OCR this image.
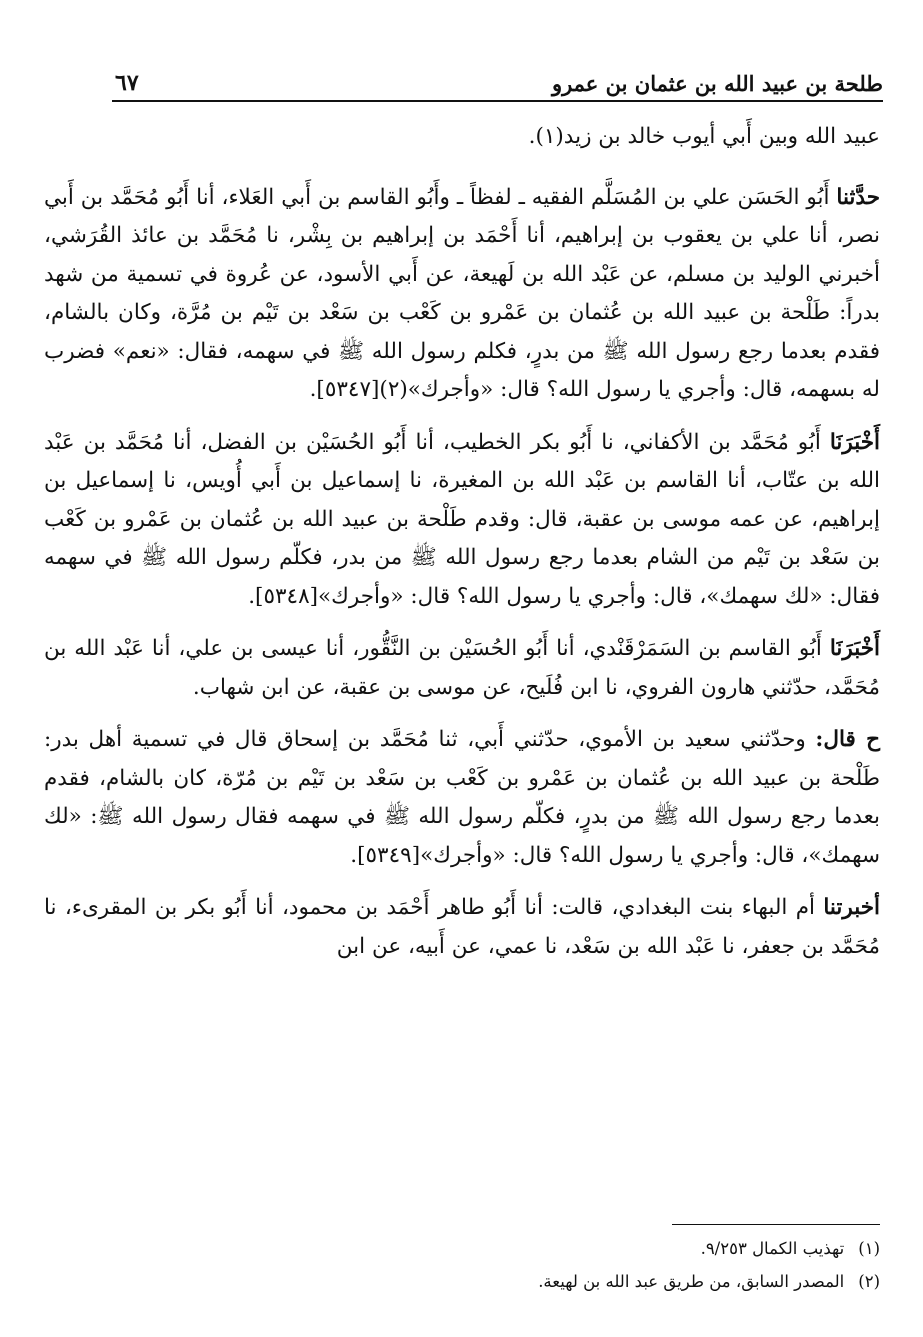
طلحة بن عبيد الله بن عثمان بن عمرو
٦٧

عبيد الله وبين أَبي أيوب خالد بن زيد(١).

حدَّثنا أَبُو الحَسَن علي بن المُسَلَّم الفقيه ـ لفظاً ـ وأَبُو القاسم بن أَبي العَلاء، أنا أَبُو مُحَمَّد بن أَبي نصر، أنا علي بن يعقوب بن إبراهيم، أنا أَحْمَد بن إبراهيم بن بِشْر، نا مُحَمَّد بن عائذ القُرَشي، أخبرني الوليد بن مسلم، عن عَبْد الله بن لَهيعة، عن أَبي الأسود، عن عُروة في تسمية من شهد بدراً: طَلْحة بن عبيد الله بن عُثمان بن عَمْرو بن كَعْب بن سَعْد بن تَيْم بن مُرَّة، وكان بالشام، فقدم بعدما رجع رسول الله ﷺ من بدرٍ، فكلم رسول الله ﷺ في سهمه، فقال: «نعم» فضرب له بسهمه، قال: وأجري يا رسول الله؟ قال: «وأجرك»(٢)[٥٣٤٧].

أَخْبَرَنَا أَبُو مُحَمَّد بن الأكفاني، نا أَبُو بكر الخطيب، أنا أَبُو الحُسَيْن بن الفضل، أنا مُحَمَّد بن عَبْد الله بن عتّاب، أنا القاسم بن عَبْد الله بن المغيرة، نا إسماعيل بن أَبي أُويس، نا إسماعيل بن إبراهيم، عن عمه موسى بن عقبة، قال: وقدم طَلْحة بن عبيد الله بن عُثمان بن عَمْرو بن كَعْب بن سَعْد بن تَيْم من الشام بعدما رجع رسول الله ﷺ من بدر، فكلّم رسول الله ﷺ في سهمه فقال: «لك سهمك»، قال: وأجري يا رسول الله؟ قال: «وأجرك»[٥٣٤٨].

أَخْبَرَنَا أَبُو القاسم بن السَمَرْقَنْدي، أنا أَبُو الحُسَيْن بن النَّقُّور، أنا عيسى بن علي، أنا عَبْد الله بن مُحَمَّد، حدّثني هارون الفروي، نا ابن فُلَيح، عن موسى بن عقبة، عن ابن شهاب.

ح قال: وحدّثني سعيد بن الأموي، حدّثني أَبي، ثنا مُحَمَّد بن إسحاق قال في تسمية أهل بدر: طَلْحة بن عبيد الله بن عُثمان بن عَمْرو بن كَعْب بن سَعْد بن تَيْم بن مُرّة، كان بالشام، فقدم بعدما رجع رسول الله ﷺ من بدرٍ، فكلّم رسول الله ﷺ في سهمه فقال رسول الله ﷺ: «لك سهمك»، قال: وأجري يا رسول الله؟ قال: «وأجرك»[٥٣٤٩].

أخبرتنا أم البهاء بنت البغدادي، قالت: أنا أَبُو طاهر أَحْمَد بن محمود، أنا أَبُو بكر بن المقرىء، نا مُحَمَّد بن جعفر، نا عَبْد الله بن سَعْد، نا عمي، عن أَبيه، عن ابن

(١)تهذيب الكمال ٩/٢٥٣.

(٢)المصدر السابق، من طريق عبد الله بن لهيعة.
